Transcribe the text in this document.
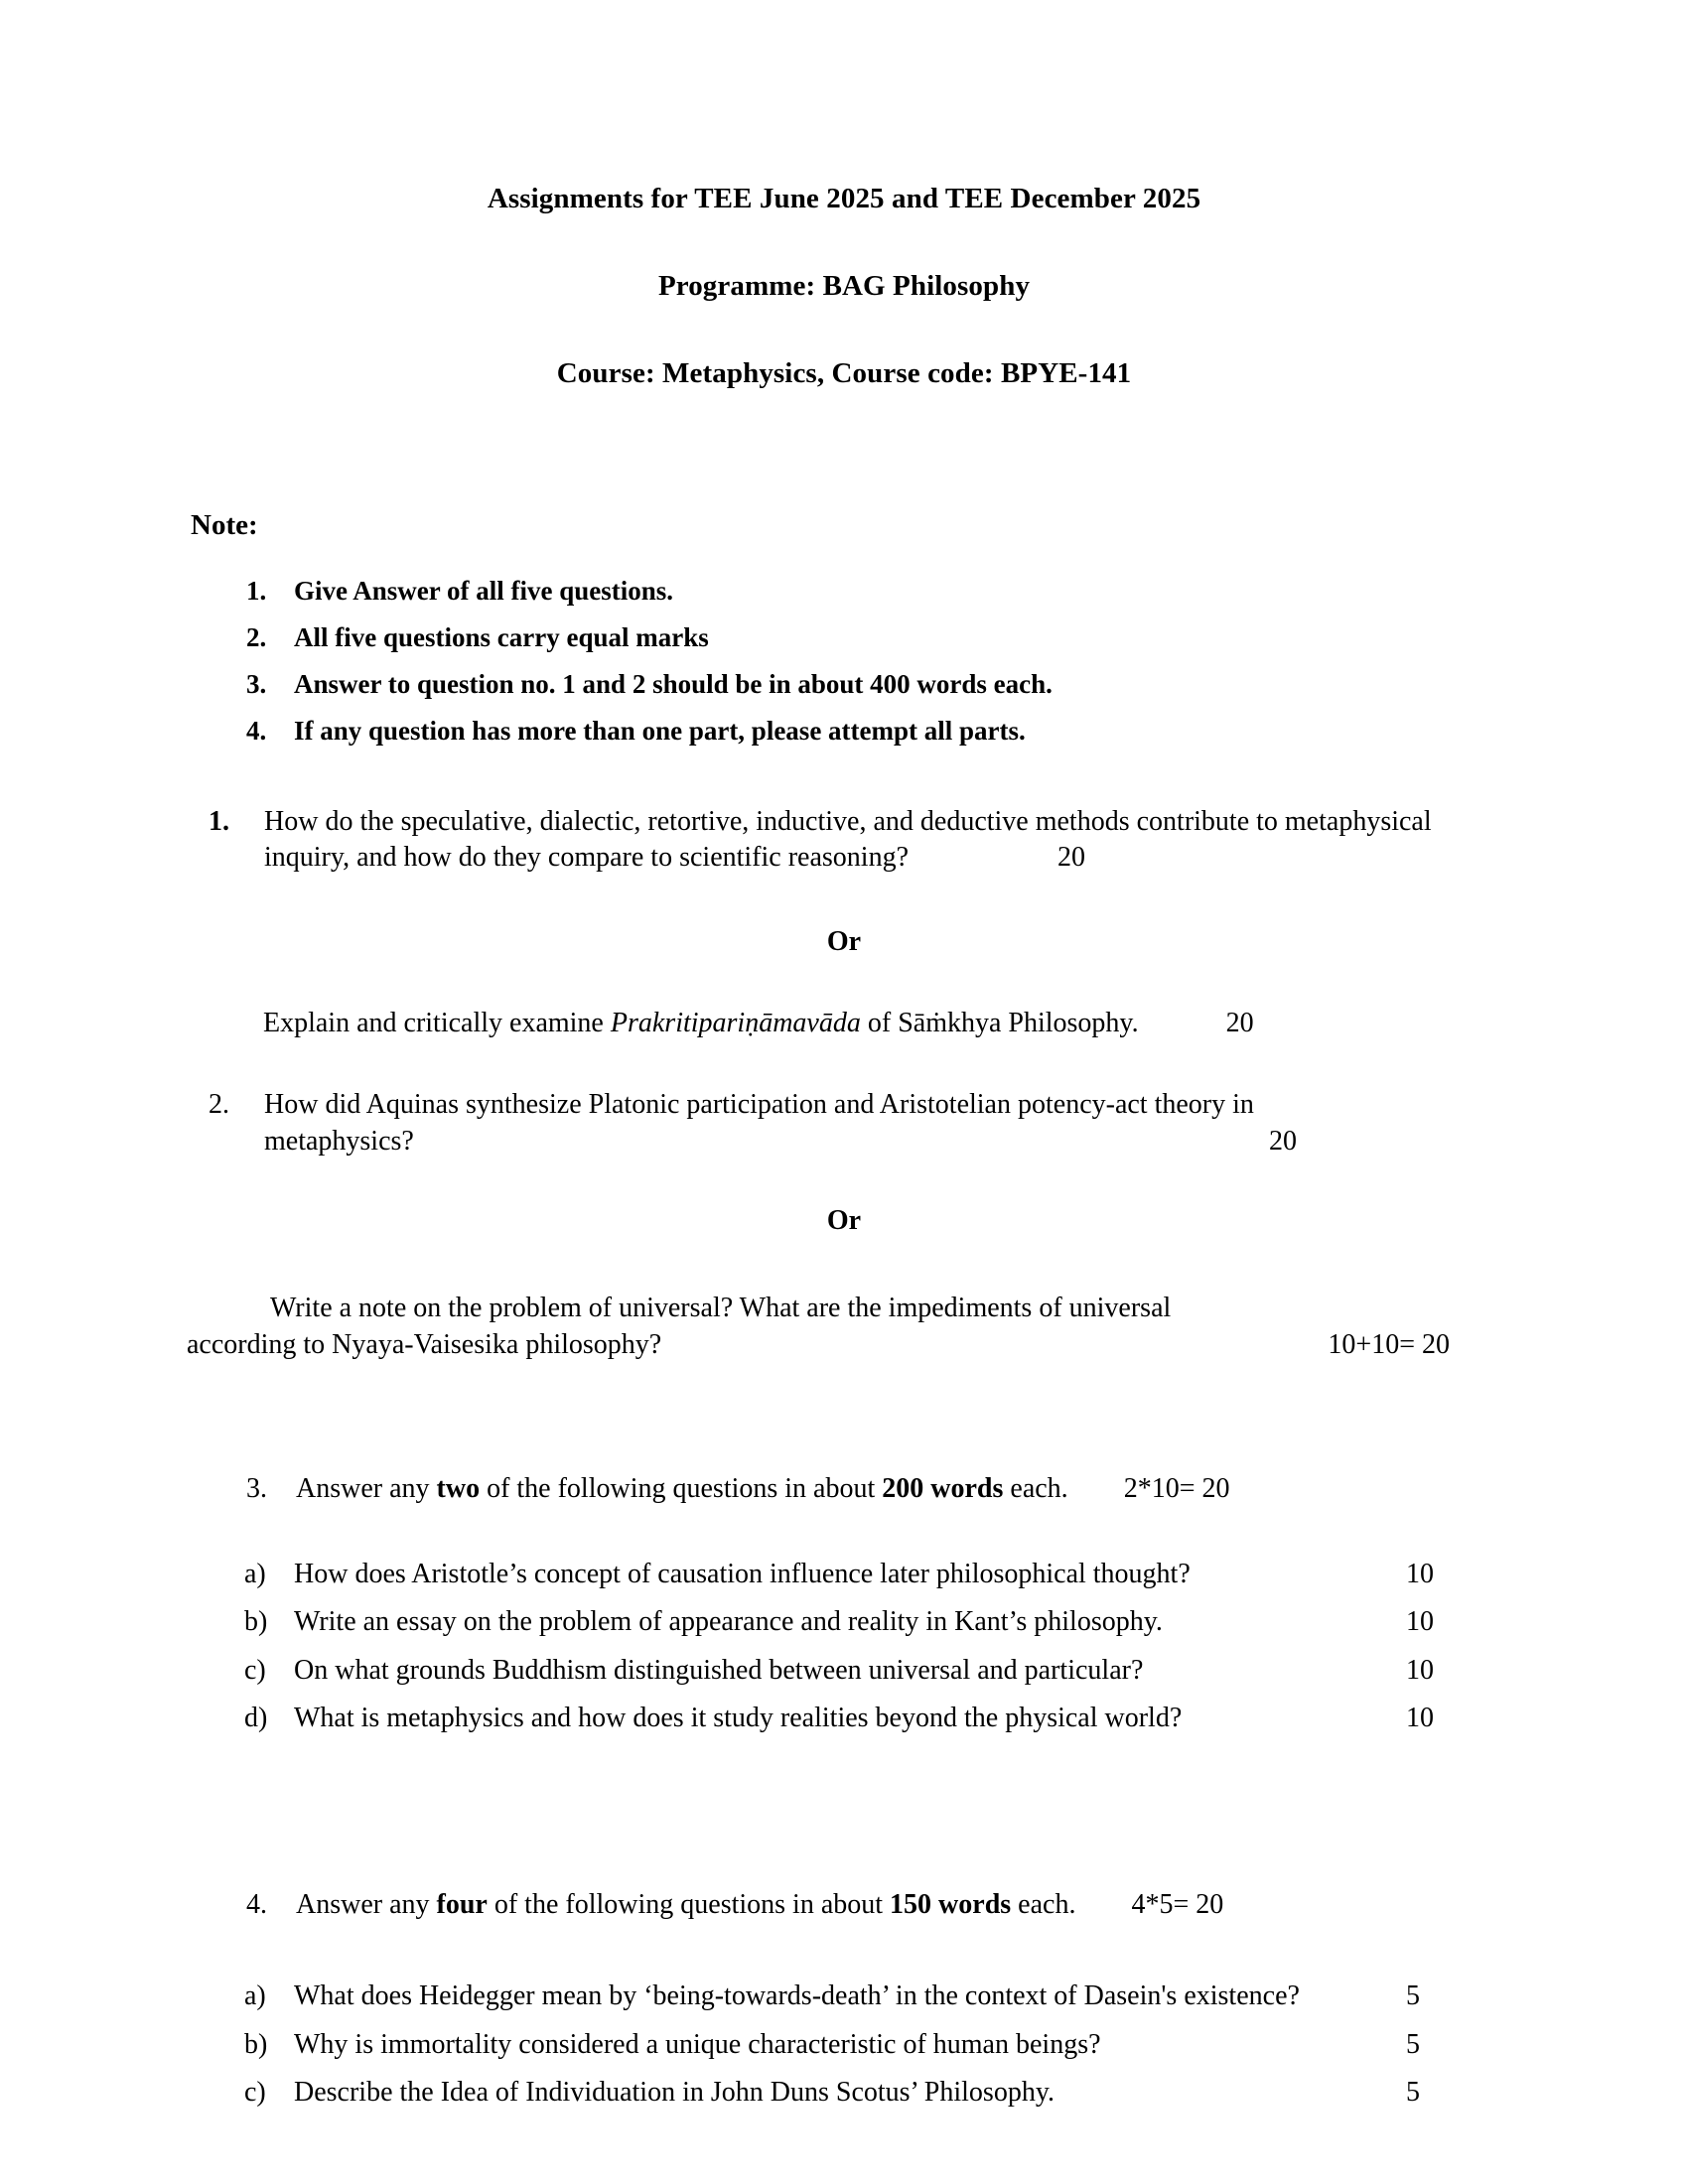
Assignments for TEE June 2025 and TEE December 2025
Programme: BAG Philosophy
Course: Metaphysics, Course code: BPYE-141
Note:
1.	Give Answer of all five questions.
2.	All five questions carry equal marks
3.	Answer to question no. 1 and 2 should be in about 400 words each.
4.	If any question has more than one part, please attempt all parts.
1.	How do the speculative, dialectic, retortive, inductive, and deductive methods contribute to metaphysical inquiry, and how do they compare to scientific reasoning?	20
Or
Explain and critically examine Prakritipariṇāmavāda of Sāṁkhya Philosophy.	20
2.	How did Aquinas synthesize Platonic participation and Aristotelian potency-act theory in
metaphysics?	20
Or
Write a note on the problem of universal? What are the impediments of universal
according to Nyaya-Vaisesika philosophy?	10+10= 20
3.	Answer any two of the following questions in about 200 words each. 2*10= 20
a)	How does Aristotle’s concept of causation influence later philosophical thought?	10
b) Write an essay on the problem of appearance and reality in Kant’s philosophy.	10
c)	On what grounds Buddhism distinguished between universal and particular?	10
d) What is metaphysics and how does it study realities beyond the physical world?	10
4.	Answer any four of the following questions in about 150 words each. 4*5= 20
a)	What does Heidegger mean by ‘being-towards-death’ in the context of Dasein's existence?	5
b) Why is immortality considered a unique characteristic of human beings?	5
c)	Describe the Idea of Individuation in John Duns Scotus’ Philosophy.	5
